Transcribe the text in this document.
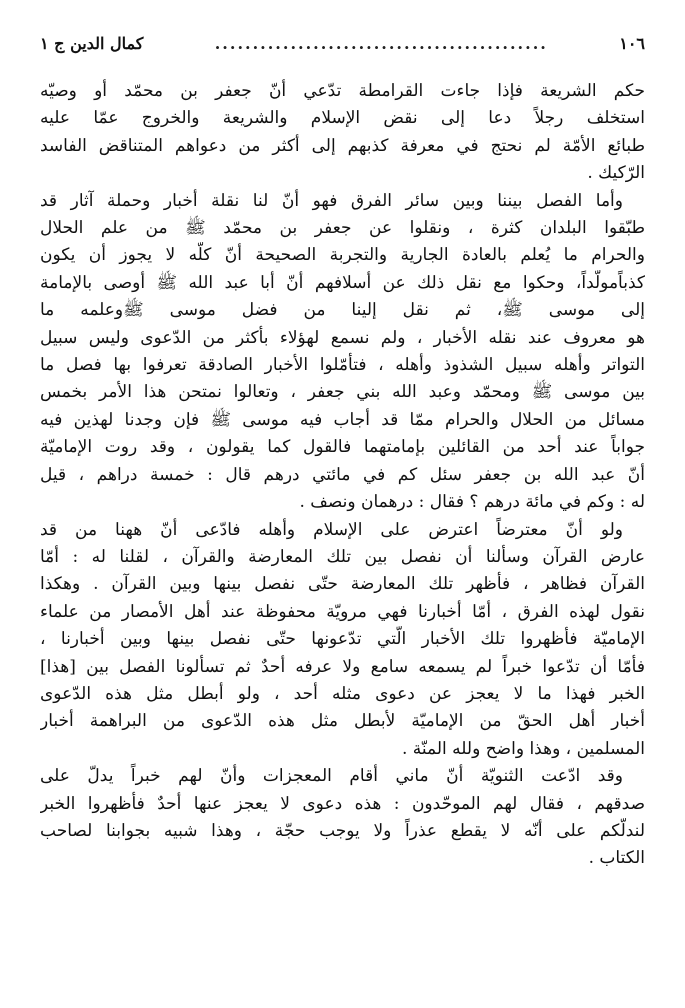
١٠٦
............................................
كمال الدين ج ١

حكم الشريعة فإذا جاءت القرامطة تدّعي أنّ جعفر بن محمّد أو وصيّه
استخلف رجلاً دعا إلى نقض الإسلام والشريعة والخروج عمّا عليه
طبائع الأمّة لم نحتج في معرفة كذبهم إلى أكثر من دعواهم المتناقض الفاسد
الرّكيك .

وأما الفصل بيننا وبين سائر الفرق فهو أنّ لنا نقلة أخبار وحملة آثار قد
طبّقوا البلدان كثرة ، ونقلوا عن جعفر بن محمّد ﷺ من علم الحلال
والحرام ما يُعلم بالعادة الجارية والتجربة الصحيحة أنّ كلّه لا يجوز أن يكون
كذباًمولّداً، وحكوا مع نقل ذلك عن أسلافهم أنّ أبا عبد الله ﷺ أوصى بالإمامة
إلى موسى ﷺ، ثم نقل إلينا من فضل موسى ﷺوعلمه ما
هو معروف عند نقله الأخبار ، ولم نسمع لهؤلاء بأكثر من الدّعوى وليس سبيل
التواتر وأهله سبيل الشذوذ وأهله ، فتأمّلوا الأخبار الصادقة تعرفوا بها فصل ما
بين موسى ﷺ ومحمّد وعبد الله بني جعفر ، وتعالوا نمتحن هذا الأمر بخمس
مسائل من الحلال والحرام ممّا قد أجاب فيه موسى ﷺ فإن وجدنا لهذين فيه
جواباً عند أحد من القائلين بإمامتهما فالقول كما يقولون ، وقد روت الإماميّة
أنّ عبد الله بن جعفر سئل كم في مائتي درهم قال : خمسة دراهم ، قيل
له : وكم في مائة درهم ؟ فقال : درهمان ونصف .

ولو أنّ معترضاً اعترض على الإسلام وأهله فادّعى أنّ ههنا من قد
عارض القرآن وسألنا أن نفصل بين تلك المعارضة والقرآن ، لقلنا له : أمّا
القرآن فظاهر ، فأظهر تلك المعارضة حتّى نفصل بينها وبين القرآن . وهكذا
نقول لهذه الفرق ، أمّا أخبارنا فهي مرويّة محفوظة عند أهل الأمصار من علماء
الإماميّة فأظهروا تلك الأخبار الّتي تدّعونها حتّى نفصل بينها وبين أخبارنا ،
فأمّا أن تدّعوا خبراً لم يسمعه سامع ولا عرفه أحدٌ ثم تسألونا الفصل بين [هذا]
الخبر فهذا ما لا يعجز عن دعوى مثله أحد ، ولو أبطل مثل هذه الدّعوى
أخبار أهل الحقّ من الإماميّة لأبطل مثل هذه الدّعوى من البراهمة أخبار
المسلمين ، وهذا واضح ولله المنّة .

وقد ادّعت الثنويّة أنّ ماني أقام المعجزات وأنّ لهم خبراً يدلّ على
صدقهم ، فقال لهم الموحّدون : هذه دعوى لا يعجز عنها أحدٌ فأظهروا الخبر
لندلّكم على أنّه لا يقطع عذراً ولا يوجب حجّة ، وهذا شبيه بجوابنا لصاحب
الكتاب .
